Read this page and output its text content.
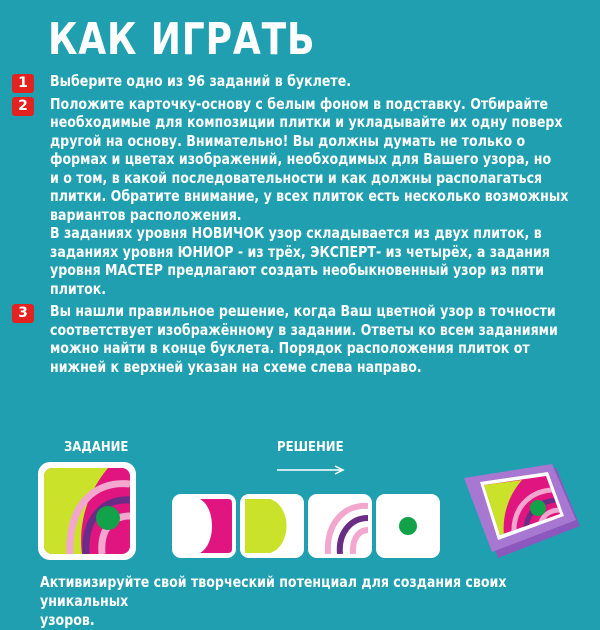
КАК ИГРАТЬ
1	Выберите одно из 96 заданий в буклете.
2	Положите карточку-основу с белым фоном в подставку. Отбирайте
необходимые для композиции плитки и укладывайте их одну поверх
другой на основу. Внимательно! Вы должны думать не только о
формах и цветах изображений, необходимых для Вашего узора, но
и о том, в какой последовательности и как должны располагаться
плитки. Обратите внимание, у всех плиток есть несколько возможных
вариантов расположения.
В заданиях уровня НОВИЧОК узор складывается из двух плиток, в
заданиях уровня ЮНИОР - из трёх, ЭКСПЕРТ- из четырёх, а задания
уровня МАСТЕР предлагают создать необыкновенный узор из пяти
плиток.
3	Вы нашли правильное решение, когда Ваш цветной узор в точности
соответствует изображённому в задании. Ответы ко всем заданиями
можно найти в конце буклета. Порядок расположения плиток от
нижней к верхней указан на схеме слева направо.
ЗАДАНИЕ	РЕШЕНИЕ
Активизируйте свой творческий потенциал для создания своих уникальных
узоров.
